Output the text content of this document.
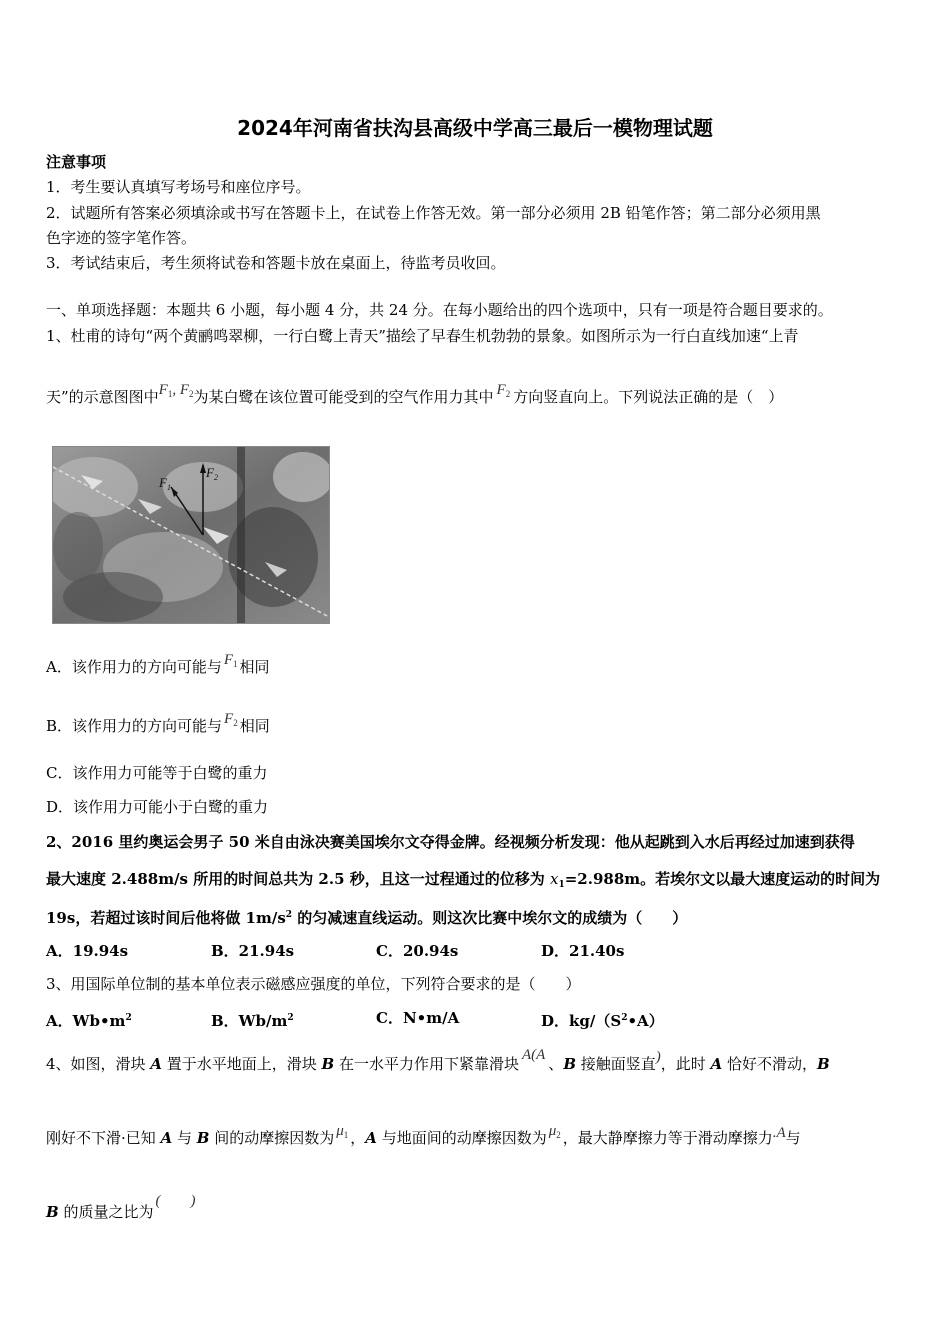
2024年河南省扶沟县高级中学高三最后一模物理试题
注意事项
1．考生要认真填写考场号和座位序号。
2．试题所有答案必须填涂或书写在答题卡上，在试卷上作答无效。第一部分必须用 2B 铅笔作答；第二部分必须用黑
色字迹的签字笔作答。
3．考试结束后，考生须将试卷和答题卡放在桌面上，待监考员收回。
一、单项选择题：本题共 6 小题，每小题 4 分，共 24 分。在每小题给出的四个选项中，只有一项是符合题目要求的。
1、杜甫的诗句“两个黄鹂鸣翠柳，一行白鹭上青天”描绘了早春生机勃勃的景象。如图所示为一行白直线加速“上青
天”的示意图图中$F_1$, $F_2$为某白鹭在该位置可能受到的空气作用力其中 $F_2$ 方向竖直向上。下列说法正确的是（　）
$F_1$
$F_2$
A．该作用力的方向可能与 $F_1$ 相同
B．该作用力的方向可能与 $F_2$ 相同
C．该作用力可能等于白鹭的重力
D．该作用力可能小于白鹭的重力
2、2016 里约奥运会男子 50 米自由泳决赛美国埃尔文夺得金牌。经视频分析发现：他从起跳到入水后再经过加速到获得
最大速度 2.488m/s 所用的时间总共为 2.5 秒，且这一过程通过的位移为 $x_1=2.988m$。若埃尔文以最大速度运动的时间为
19s，若超过该时间后他将做 $1m/s^2$ 的匀减速直线运动。则这次比赛中埃尔文的成绩为（　　）
A．19.94s	B．21.94s	C．20.94s	D．21.40s
3、用国际单位制的基本单位表示磁感应强度的单位，下列符合要求的是（　　）
A．$Wb•m^2$	B．$Wb/m^2$	C．N•m/A	D．$kg/(S^2•A)$
4、如图，滑块 A 置于水平地面上，滑块 B 在一水平力作用下紧靠滑块 A(A 、B 接触面竖直)，此时 A 恰好不滑动，B
刚好不下滑·已知 A 与 B 间的动摩擦因数为 $\mu_1$ ，A 与地面间的动摩擦因数为 $\mu_2$ ，最大静摩擦力等于滑动摩擦力.A与
B 的质量之比为(　　)
